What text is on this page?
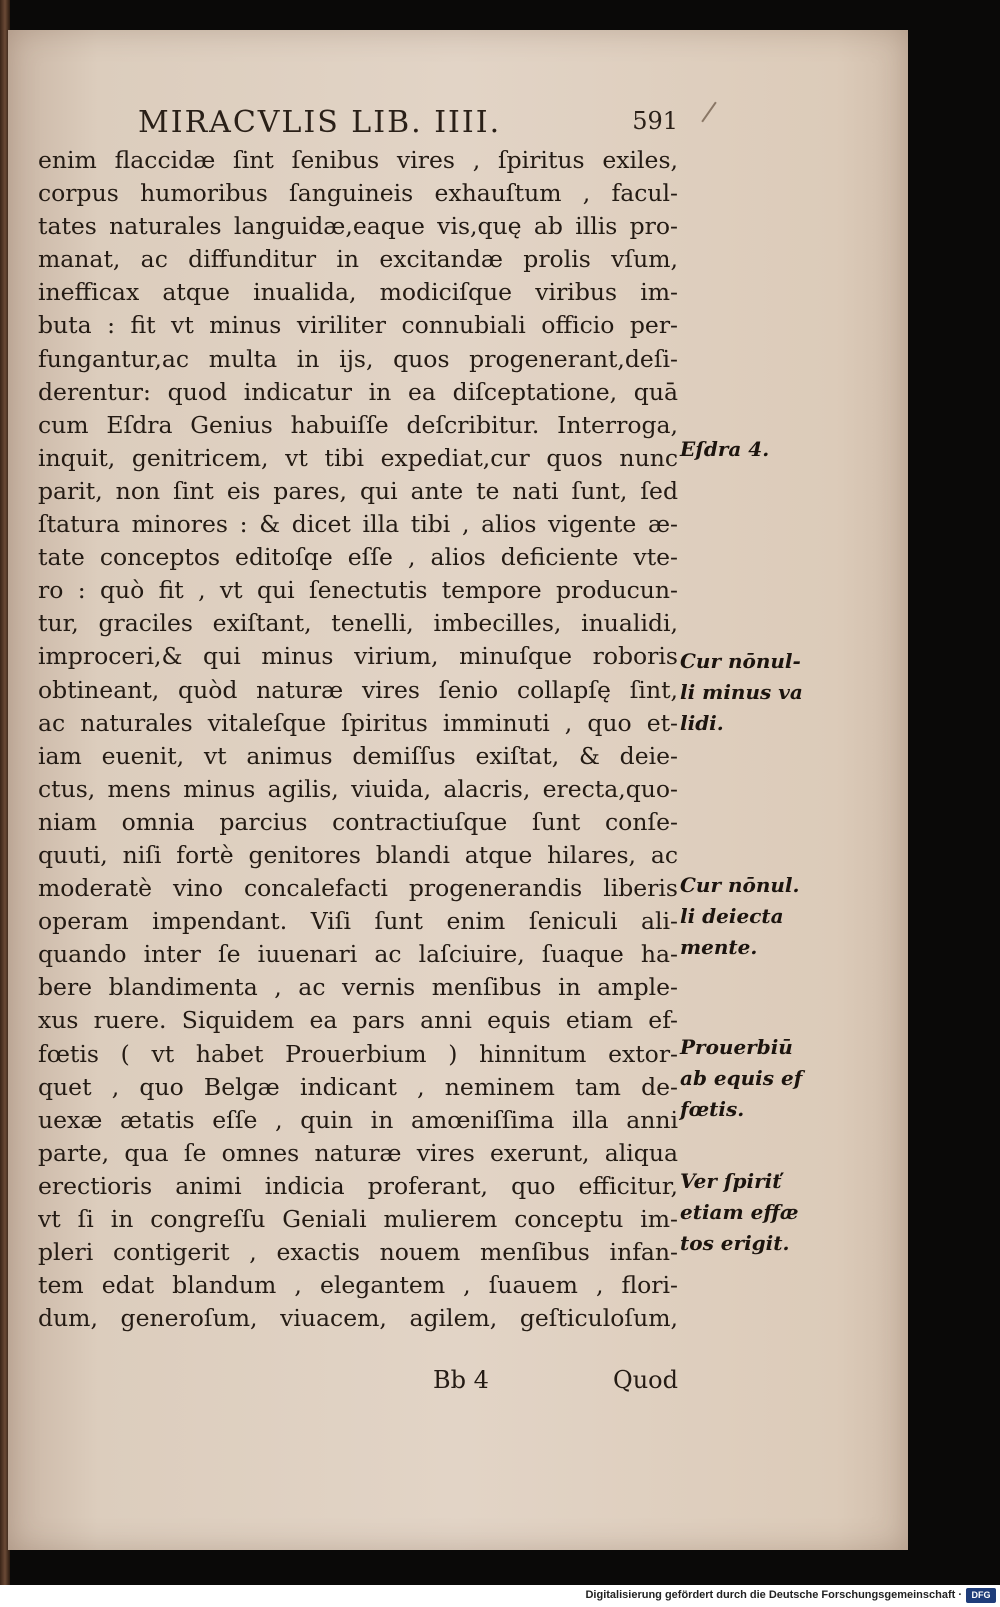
MIRACVLIS LIB. IIII.	591
enim flaccidæ ſint ſenibus vires , ſpiritus exiles,
corpus humoribus ſanguineis exhauſtum , facul-
tates naturales languidæ,eaque vis,quę ab illis pro-
manat, ac diffunditur in excitandæ prolis vſum,
inefficax atque inualida, modiciſque viribus im-
buta : fit vt minus viriliter connubiali officio per-
fungantur,ac multa in ijs, quos progenerant,deſi-
derentur: quod indicatur in ea diſceptatione, quā
cum Eſdra Genius habuiſſe deſcribitur. Interroga,
inquit, genitricem, vt tibi expediat,cur quos nunc
parit, non ſint eis pares, qui ante te nati ſunt, ſed
ſtatura minores : & dicet illa tibi , alios vigente æ-
tate conceptos editoſqe eſſe , alios deficiente vte-
ro : quò fit , vt qui ſenectutis tempore producun-
tur, graciles exiſtant, tenelli, imbecilles, inualidi,
improceri,& qui minus virium, minuſque roboris
obtineant, quòd naturæ vires ſenio collapſę ſint,
ac naturales vitaleſque ſpiritus imminuti , quo et-
iam euenit, vt animus demiſſus exiſtat, & deie-
ctus, mens minus agilis, viuida, alacris, erecta,quo-
niam omnia parcius contractiuſque ſunt conſe-
quuti, niſi fortè genitores blandi atque hilares, ac
moderatè vino concalefacti progenerandis liberis
operam impendant. Viſi ſunt enim ſeniculi ali-
quando inter ſe iuuenari ac laſciuire, ſuaque ha-
bere blandimenta , ac vernis menſibus in ample-
xus ruere. Siquidem ea pars anni equis etiam ef-
fœtis ( vt habet Prouerbium ) hinnitum extor-
quet , quo Belgæ indicant , neminem tam de-
uexæ ætatis eſſe , quin in amœniſſima illa anni
parte, qua ſe omnes naturæ vires exerunt, aliqua
erectioris animi indicia proferant, quo efficitur,
vt ſi in congreſſu Geniali mulierem conceptu im-
pleri contigerit , exactis nouem menſibus infan-
tem edat blandum , elegantem , ſuauem , flori-
dum, generoſum, viuacem, agilem, geſticuloſum,
Eſdra 4.
Cur nōnul-
li minus va
lidi.
Cur nōnul.
li deiecta
mente.
Prouerbiū
ab equis ef
fœtis.
Ver ſpiriť
etiam effæ
tos erigit.
Bb 4	Quod
Digitalisierung gefördert durch die Deutsche Forschungsgemeinschaft ·	DFG
